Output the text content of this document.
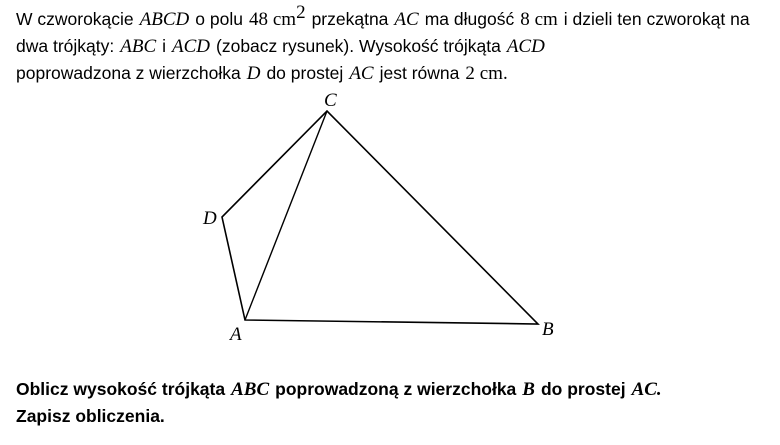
W czworokącie ABCD o polu 48 $cm^2$ przekątna AC ma długość 8 cm i dzieli ten czworokąt na dwa trójkąty: ABC i ACD (zobacz rysunek). Wysokość trójkąta ACD
poprowadzona z wierzchołka D do prostej AC jest równa 2 cm.
C
D
A	B
Oblicz wysokość trójkąta ABC poprowadzoną z wierzchołka B do prostej AC.
Zapisz obliczenia.
